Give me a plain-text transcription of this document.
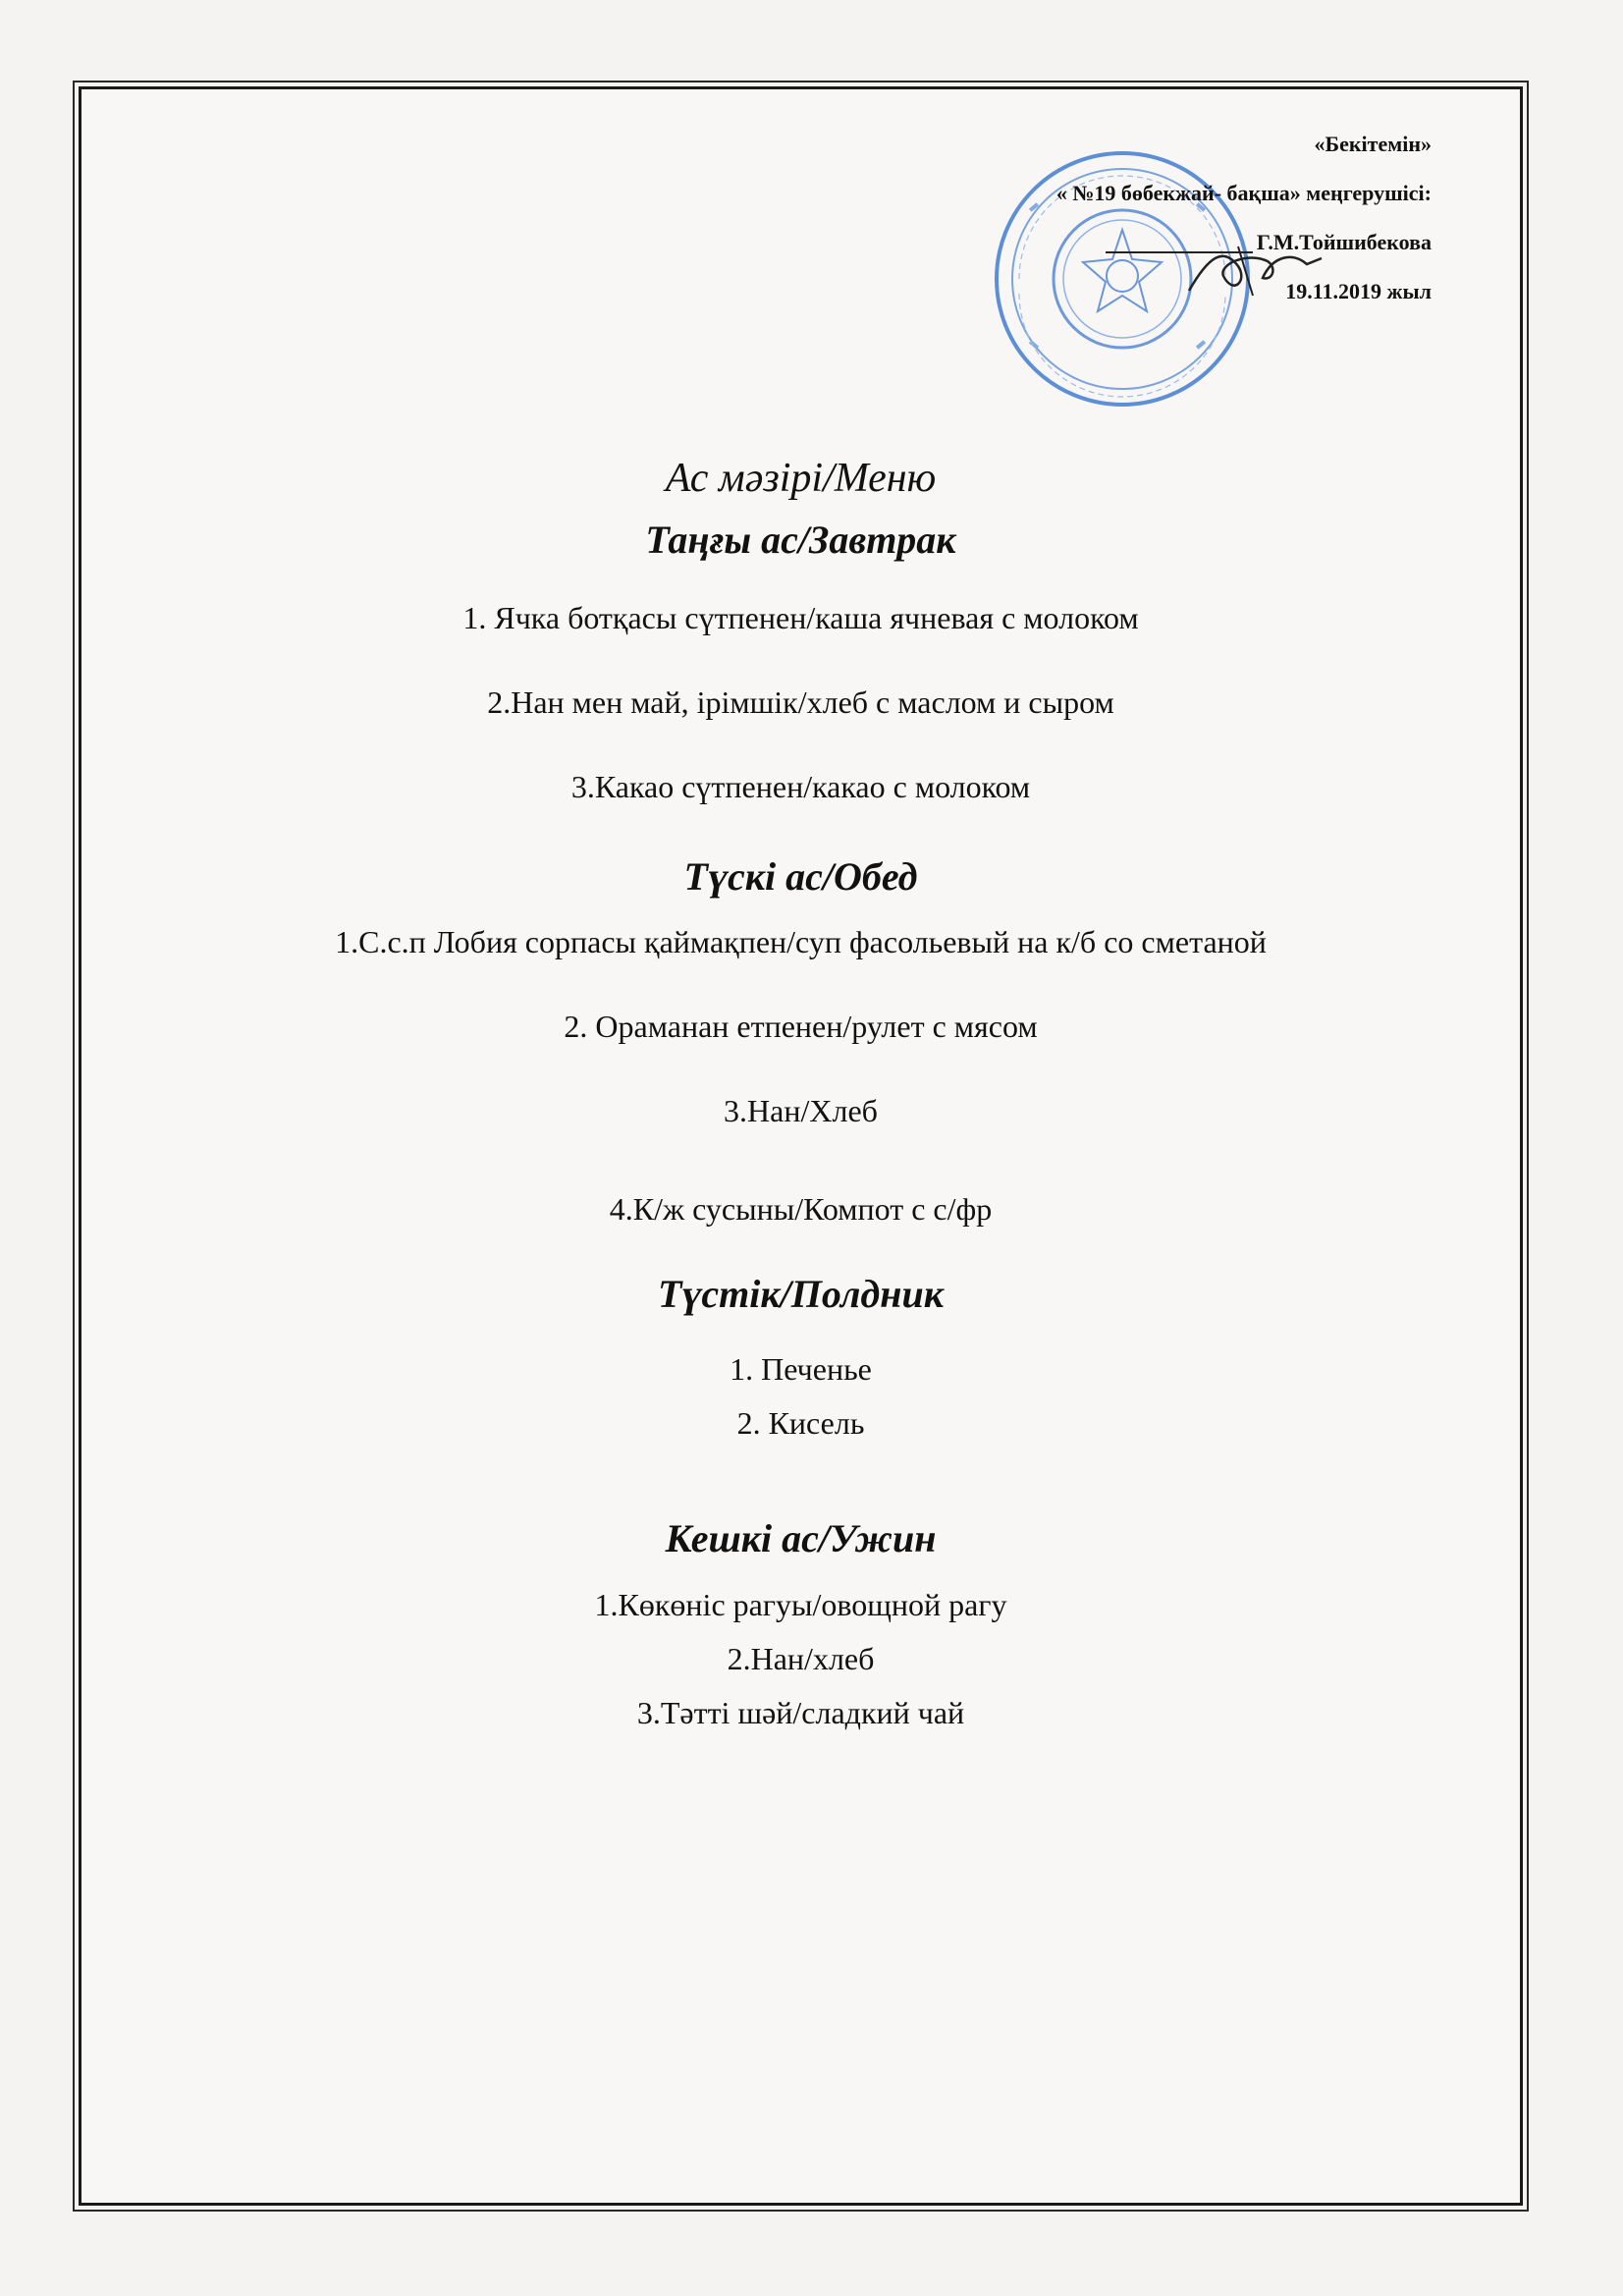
«Бекітемін»
« №19 бөбекжай- бақша» меңгерушісі:
Г.М.Тойшибекова
19.11.2019 жыл
Ас мәзірі/Меню
Таңғы ас/Завтрак
1. Ячка ботқасы сүтпенен/каша ячневая с молоком
2.Нан мен май, ірімшік/хлеб с маслом и сыром
3.Какао сүтпенен/какао с молоком
Түскі ас/Обед
1.С.с.п Лобия сорпасы қаймақпен/суп фасольевый на к/б со сметаной
2. Ораманан етпенен/рулет с мясом
3.Нан/Хлеб
4.К/ж сусыны/Компот с с/фр
Түстік/Полдник
1. Печенье
2. Кисель
Кешкі ас/Ужин
1.Көкөніс рагуы/овощной рагу
2.Нан/хлеб
3.Тәтті шәй/сладкий чай
